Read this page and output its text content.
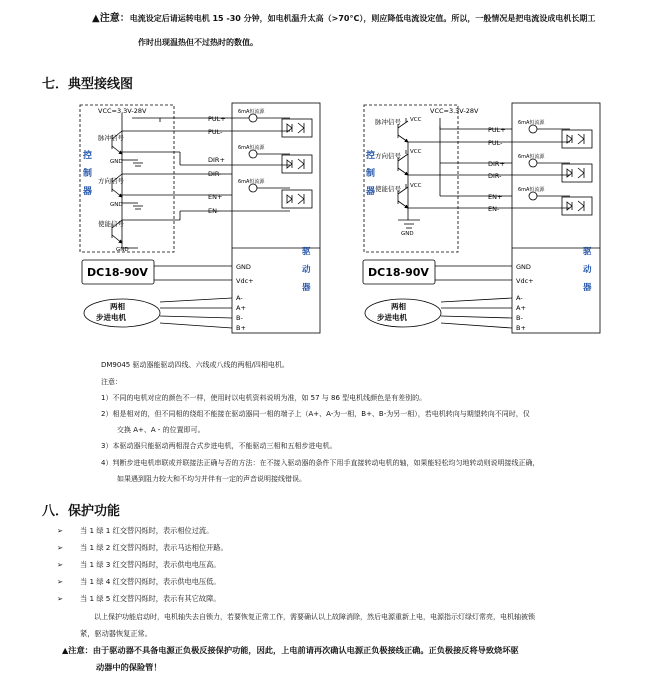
▲注意：电流设定后请运转电机 15 -30 分钟，如电机温升太高（>70°C），则应降低电流设定值。所以，一般情况是把电流设成电机长期工
作时出现温热但不过热时的数值。
七．典型接线图
VCC=3.3V-28V
控
制
器
脉冲信号
方向信号
使能信号
GND
GND
GND
PUL+
PUL-
DIR+
DIR-
EN+
EN-
6mA恒流源
6mA恒流源
6mA恒流源
GND
Vdc+
A-
A+
B-
B+
驱
动
器
DC18-90V
两相
步进电机
VCC=3.3V-28V
控
制
器
脉冲信号
方向信号
使能信号
VCC
VCC
VCC
GND
PUL+
PUL-
DIR+
DIR-
EN+
EN-
6mA恒流源
6mA恒流源
6mA恒流源
GND
Vdc+
A-
A+
B-
B+
驱
动
器
DC18-90V
两相
步进电机
DM9045 驱动器能驱动四线、六线或八线的两相/四相电机。
注意：
1）不同的电机对应的颜色不一样，使用时以电机资料说明为准，如 57 与 86 型电机线颜色是有差别的。
2）相是相对的，但不同相的绕组不能接在驱动器同一相的端子上（A+、A-为一相，B+、B-为另一相），若电机转向与期望转向不同时，仅
交换 A+、A - 的位置即可。
3）本驱动器只能驱动两相混合式步进电机，不能驱动三相和五相步进电机。
4）判断步进电机串联或并联接法正确与否的方法：在不接入驱动器的条件下用手直接转动电机的轴，如果能轻松均匀地转动则说明接线正确，
如果遇到阻力较大和不均匀并伴有一定的声音说明接线错误。
八．保护功能
➢ 当 1 绿 1 红交替闪烁时，表示相位过流。
➢ 当 1 绿 2 红交替闪烁时，表示马达相位开路。
➢ 当 1 绿 3 红交替闪烁时，表示供电电压高。
➢ 当 1 绿 4 红交替闪烁时，表示供电电压低。
➢ 当 1 绿 5 红交替闪烁时，表示有其它故障。
以上保护功能启动时，电机轴失去自锁力，若要恢复正常工作，需要确认以上故障消除，然后电源重新上电，电源指示灯绿灯常亮，电机轴被锁
紧，驱动器恢复正常。
▲注意：由于驱动器不具备电源正负极反接保护功能，因此，上电前请再次确认电源正负极接线正确。正负极接反将导致烧坏驱
动器中的保险管！
